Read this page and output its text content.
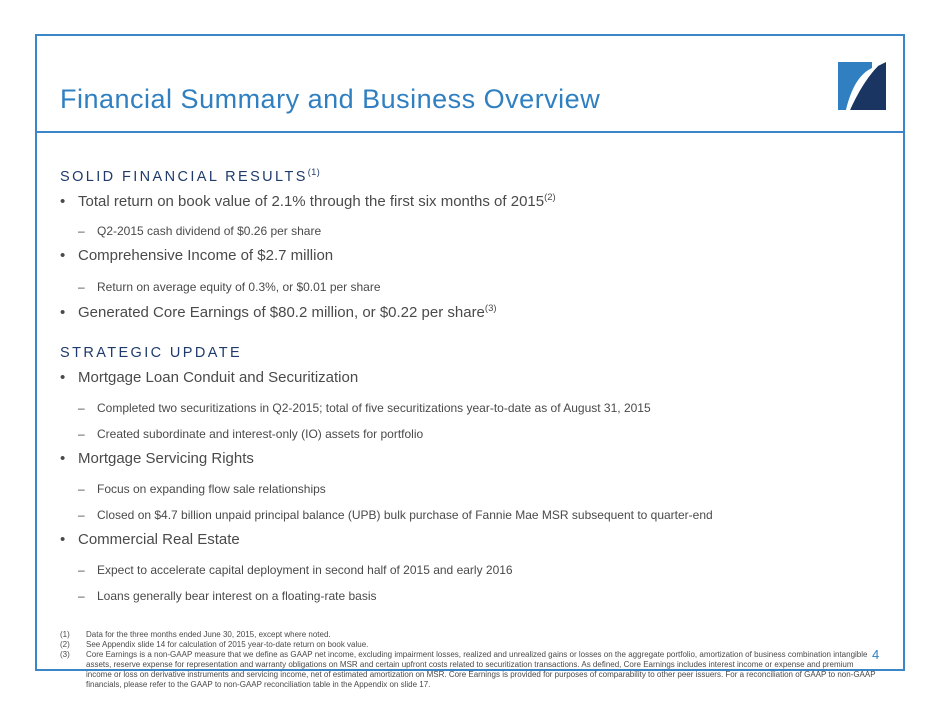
Financial Summary and Business Overview
SOLID FINANCIAL RESULTS$^{(1)}$
• Total return on book value of 2.1% through the first six months of 2015$^{(2)}$
– Q2-2015 cash dividend of $0.26 per share
• Comprehensive Income of $2.7 million
– Return on average equity of 0.3%, or $0.01 per share
• Generated Core Earnings of $80.2 million, or $0.22 per share$^{(3)}$
STRATEGIC UPDATE
• Mortgage Loan Conduit and Securitization
– Completed two securitizations in Q2-2015; total of five securitizations year-to-date as of August 31, 2015
– Created subordinate and interest-only (IO) assets for portfolio
• Mortgage Servicing Rights
– Focus on expanding flow sale relationships
– Closed on $4.7 billion unpaid principal balance (UPB) bulk purchase of Fannie Mae MSR subsequent to quarter-end
• Commercial Real Estate
– Expect to accelerate capital deployment in second half of 2015 and early 2016
– Loans generally bear interest on a floating-rate basis
(1) Data for the three months ended June 30, 2015, except where noted.
(2) See Appendix slide 14 for calculation of 2015 year-to-date return on book value.
(3) Core Earnings is a non-GAAP measure that we define as GAAP net income, excluding impairment losses, realized and unrealized gains or losses on the aggregate portfolio, amortization of business combination intangible assets, reserve expense for representation and warranty obligations on MSR and certain upfront costs related to securitization transactions. As defined, Core Earnings includes interest income or expense and premium income or loss on derivative instruments and servicing income, net of estimated amortization on MSR. Core Earnings is provided for purposes of comparability to other peer issuers. For a reconciliation of GAAP to non-GAAP financials, please refer to the GAAP to non-GAAP reconciliation table in the Appendix on slide 17.
4
